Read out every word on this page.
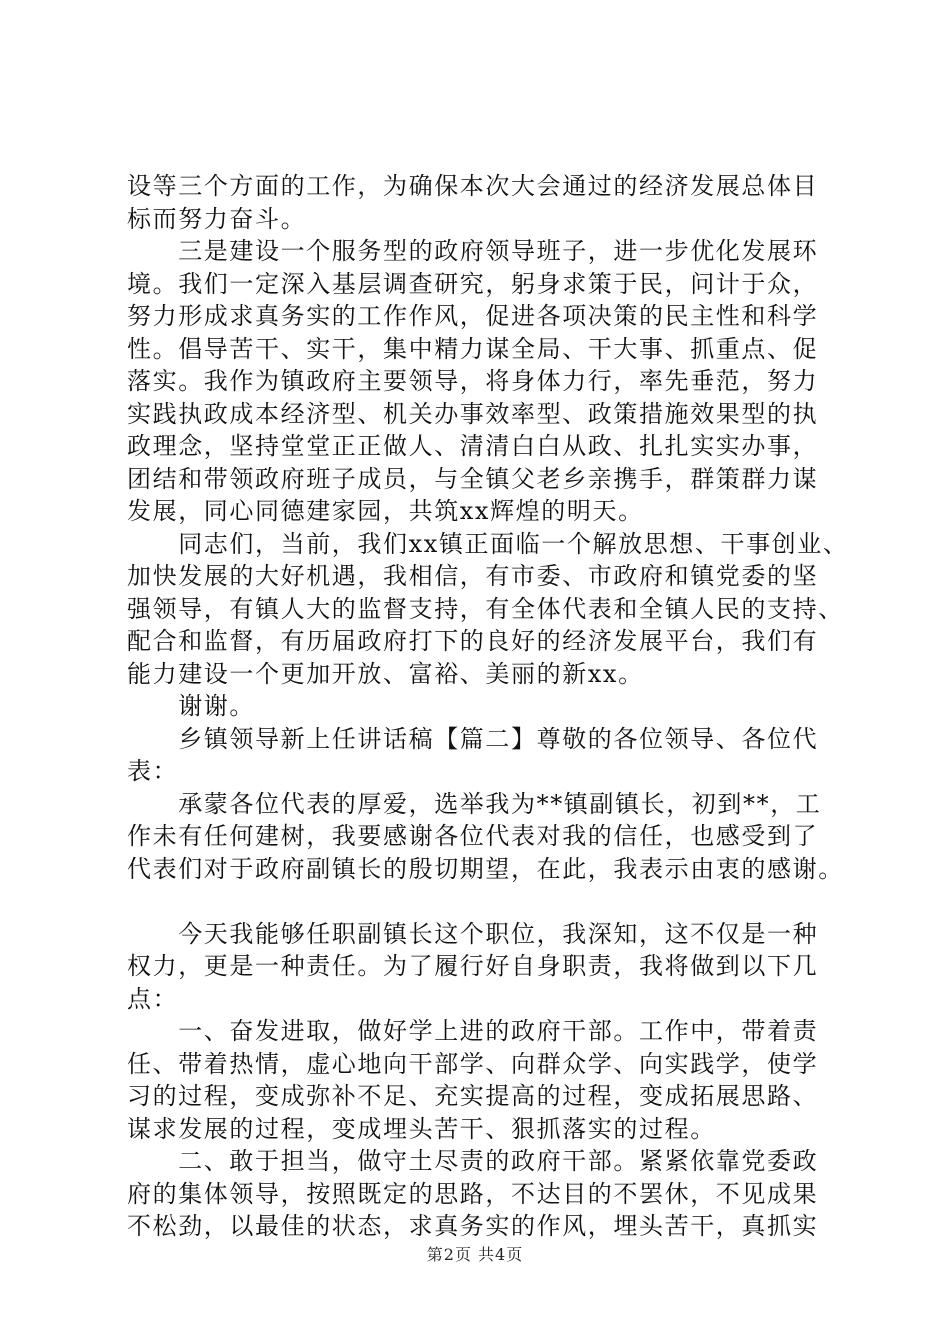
设等三个方面的工作，为确保本次大会通过的经济发展总体目
标而努力奋斗。
　　三是建设一个服务型的政府领导班子，进一步优化发展环
境。我们一定深入基层调查研究，躬身求策于民，问计于众，
努力形成求真务实的工作作风，促进各项决策的民主性和科学
性。倡导苦干、实干，集中精力谋全局、干大事、抓重点、促
落实。我作为镇政府主要领导，将身体力行，率先垂范，努力
实践执政成本经济型、机关办事效率型、政策措施效果型的执
政理念，坚持堂堂正正做人、清清白白从政、扎扎实实办事，
团结和带领政府班子成员，与全镇父老乡亲携手，群策群力谋
发展，同心同德建家园，共筑xx辉煌的明天。
　　同志们，当前，我们xx镇正面临一个解放思想、干事创业、
加快发展的大好机遇，我相信，有市委、市政府和镇党委的坚
强领导，有镇人大的监督支持，有全体代表和全镇人民的支持、
配合和监督，有历届政府打下的良好的经济发展平台，我们有
能力建设一个更加开放、富裕、美丽的新xx。
　　谢谢。
　　乡镇领导新上任讲话稿【篇二】尊敬的各位领导、各位代
表：
　　承蒙各位代表的厚爱，选举我为**镇副镇长，初到**，工
作未有任何建树，我要感谢各位代表对我的信任，也感受到了
代表们对于政府副镇长的殷切期望，在此，我表示由衷的感谢。
　　今天我能够任职副镇长这个职位，我深知，这不仅是一种
权力，更是一种责任。为了履行好自身职责，我将做到以下几
点：
　　一、奋发进取，做好学上进的政府干部。工作中，带着责
任、带着热情，虚心地向干部学、向群众学、向实践学，使学
习的过程，变成弥补不足、充实提高的过程，变成拓展思路、
谋求发展的过程，变成埋头苦干、狠抓落实的过程。
　　二、敢于担当，做守土尽责的政府干部。紧紧依靠党委政
府的集体领导，按照既定的思路，不达目的不罢休，不见成果
不松劲，以最佳的状态，求真务实的作风，埋头苦干，真抓实
第2页 共4页
